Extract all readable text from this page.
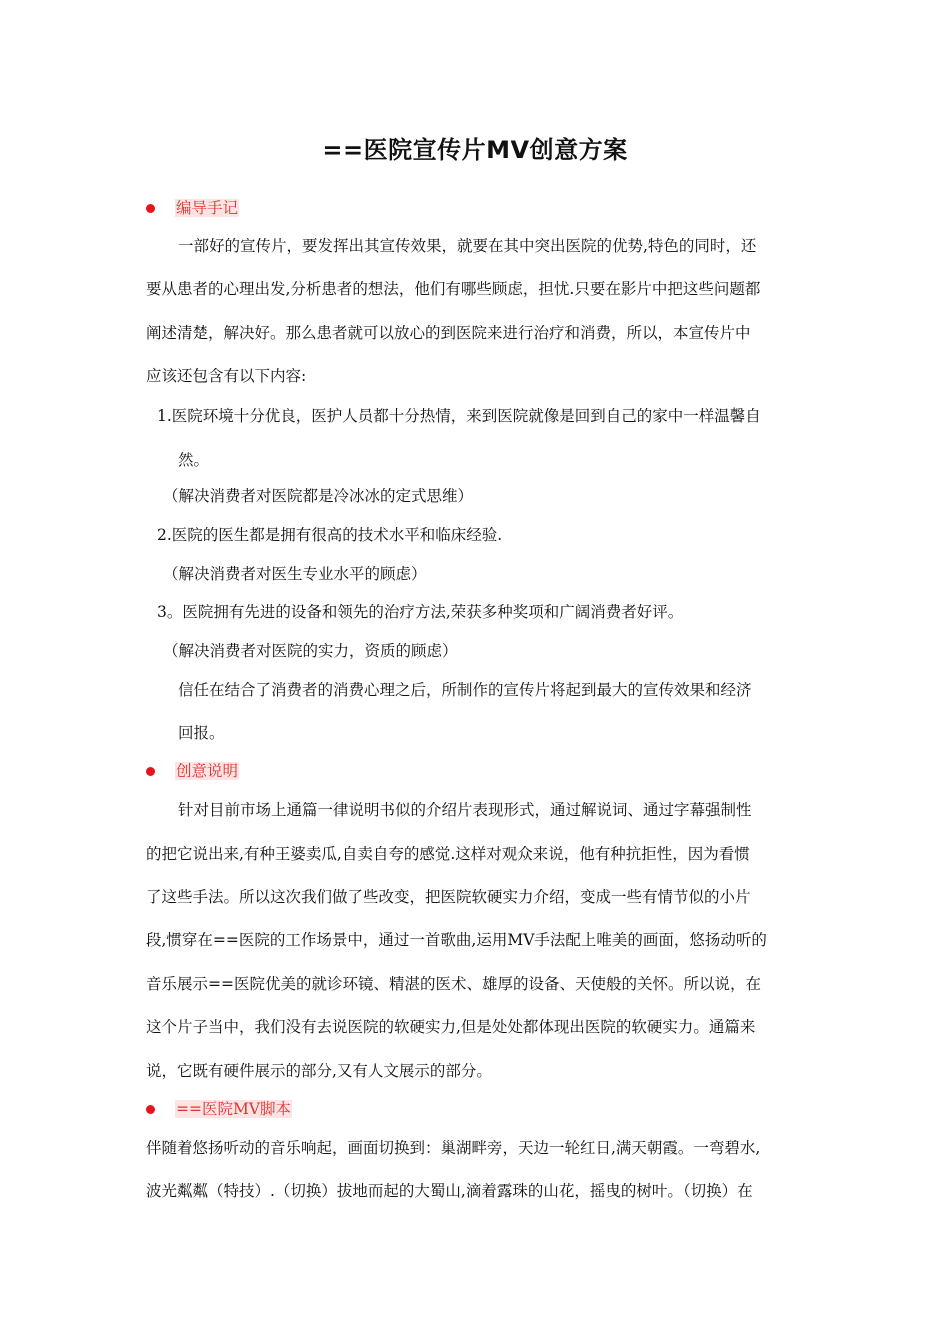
==医院宣传片MV创意方案
编导手记
一部好的宣传片，要发挥出其宣传效果，就要在其中突出医院的优势,特色的同时，还
要从患者的心理出发,分析患者的想法，他们有哪些顾虑，担忧.只要在影片中把这些问题都
阐述清楚，解决好。那么患者就可以放心的到医院来进行治疗和消费，所以，本宣传片中
应该还包含有以下内容:
1.医院环境十分优良，医护人员都十分热情，来到医院就像是回到自己的家中一样温馨自
然。
（解决消费者对医院都是冷冰冰的定式思维）
2.医院的医生都是拥有很高的技术水平和临床经验.
（解决消费者对医生专业水平的顾虑）
3。医院拥有先进的设备和领先的治疗方法,荣获多种奖项和广阔消费者好评。
（解决消费者对医院的实力，资质的顾虑）
信任在结合了消费者的消费心理之后，所制作的宣传片将起到最大的宣传效果和经济
回报。
创意说明
针对目前市场上通篇一律说明书似的介绍片表现形式，通过解说词、通过字幕强制性
的把它说出来,有种王婆卖瓜,自卖自夸的感觉.这样对观众来说，他有种抗拒性，因为看惯
了这些手法。所以这次我们做了些改变，把医院软硬实力介绍，变成一些有情节似的小片
段,惯穿在==医院的工作场景中，通过一首歌曲,运用MV手法配上唯美的画面，悠扬动听的
音乐展示==医院优美的就诊环镜、精湛的医术、雄厚的设备、天使般的关怀。所以说，在
这个片子当中，我们没有去说医院的软硬实力,但是处处都体现出医院的软硬实力。通篇来
说，它既有硬件展示的部分,又有人文展示的部分。
==医院MV脚本
伴随着悠扬听动的音乐响起，画面切换到：巢湖畔旁，天边一轮红日,满天朝霞。一弯碧水,
波光粼粼（特技）.（切换）拔地而起的大蜀山,滴着露珠的山花，摇曳的树叶。（切换）在
